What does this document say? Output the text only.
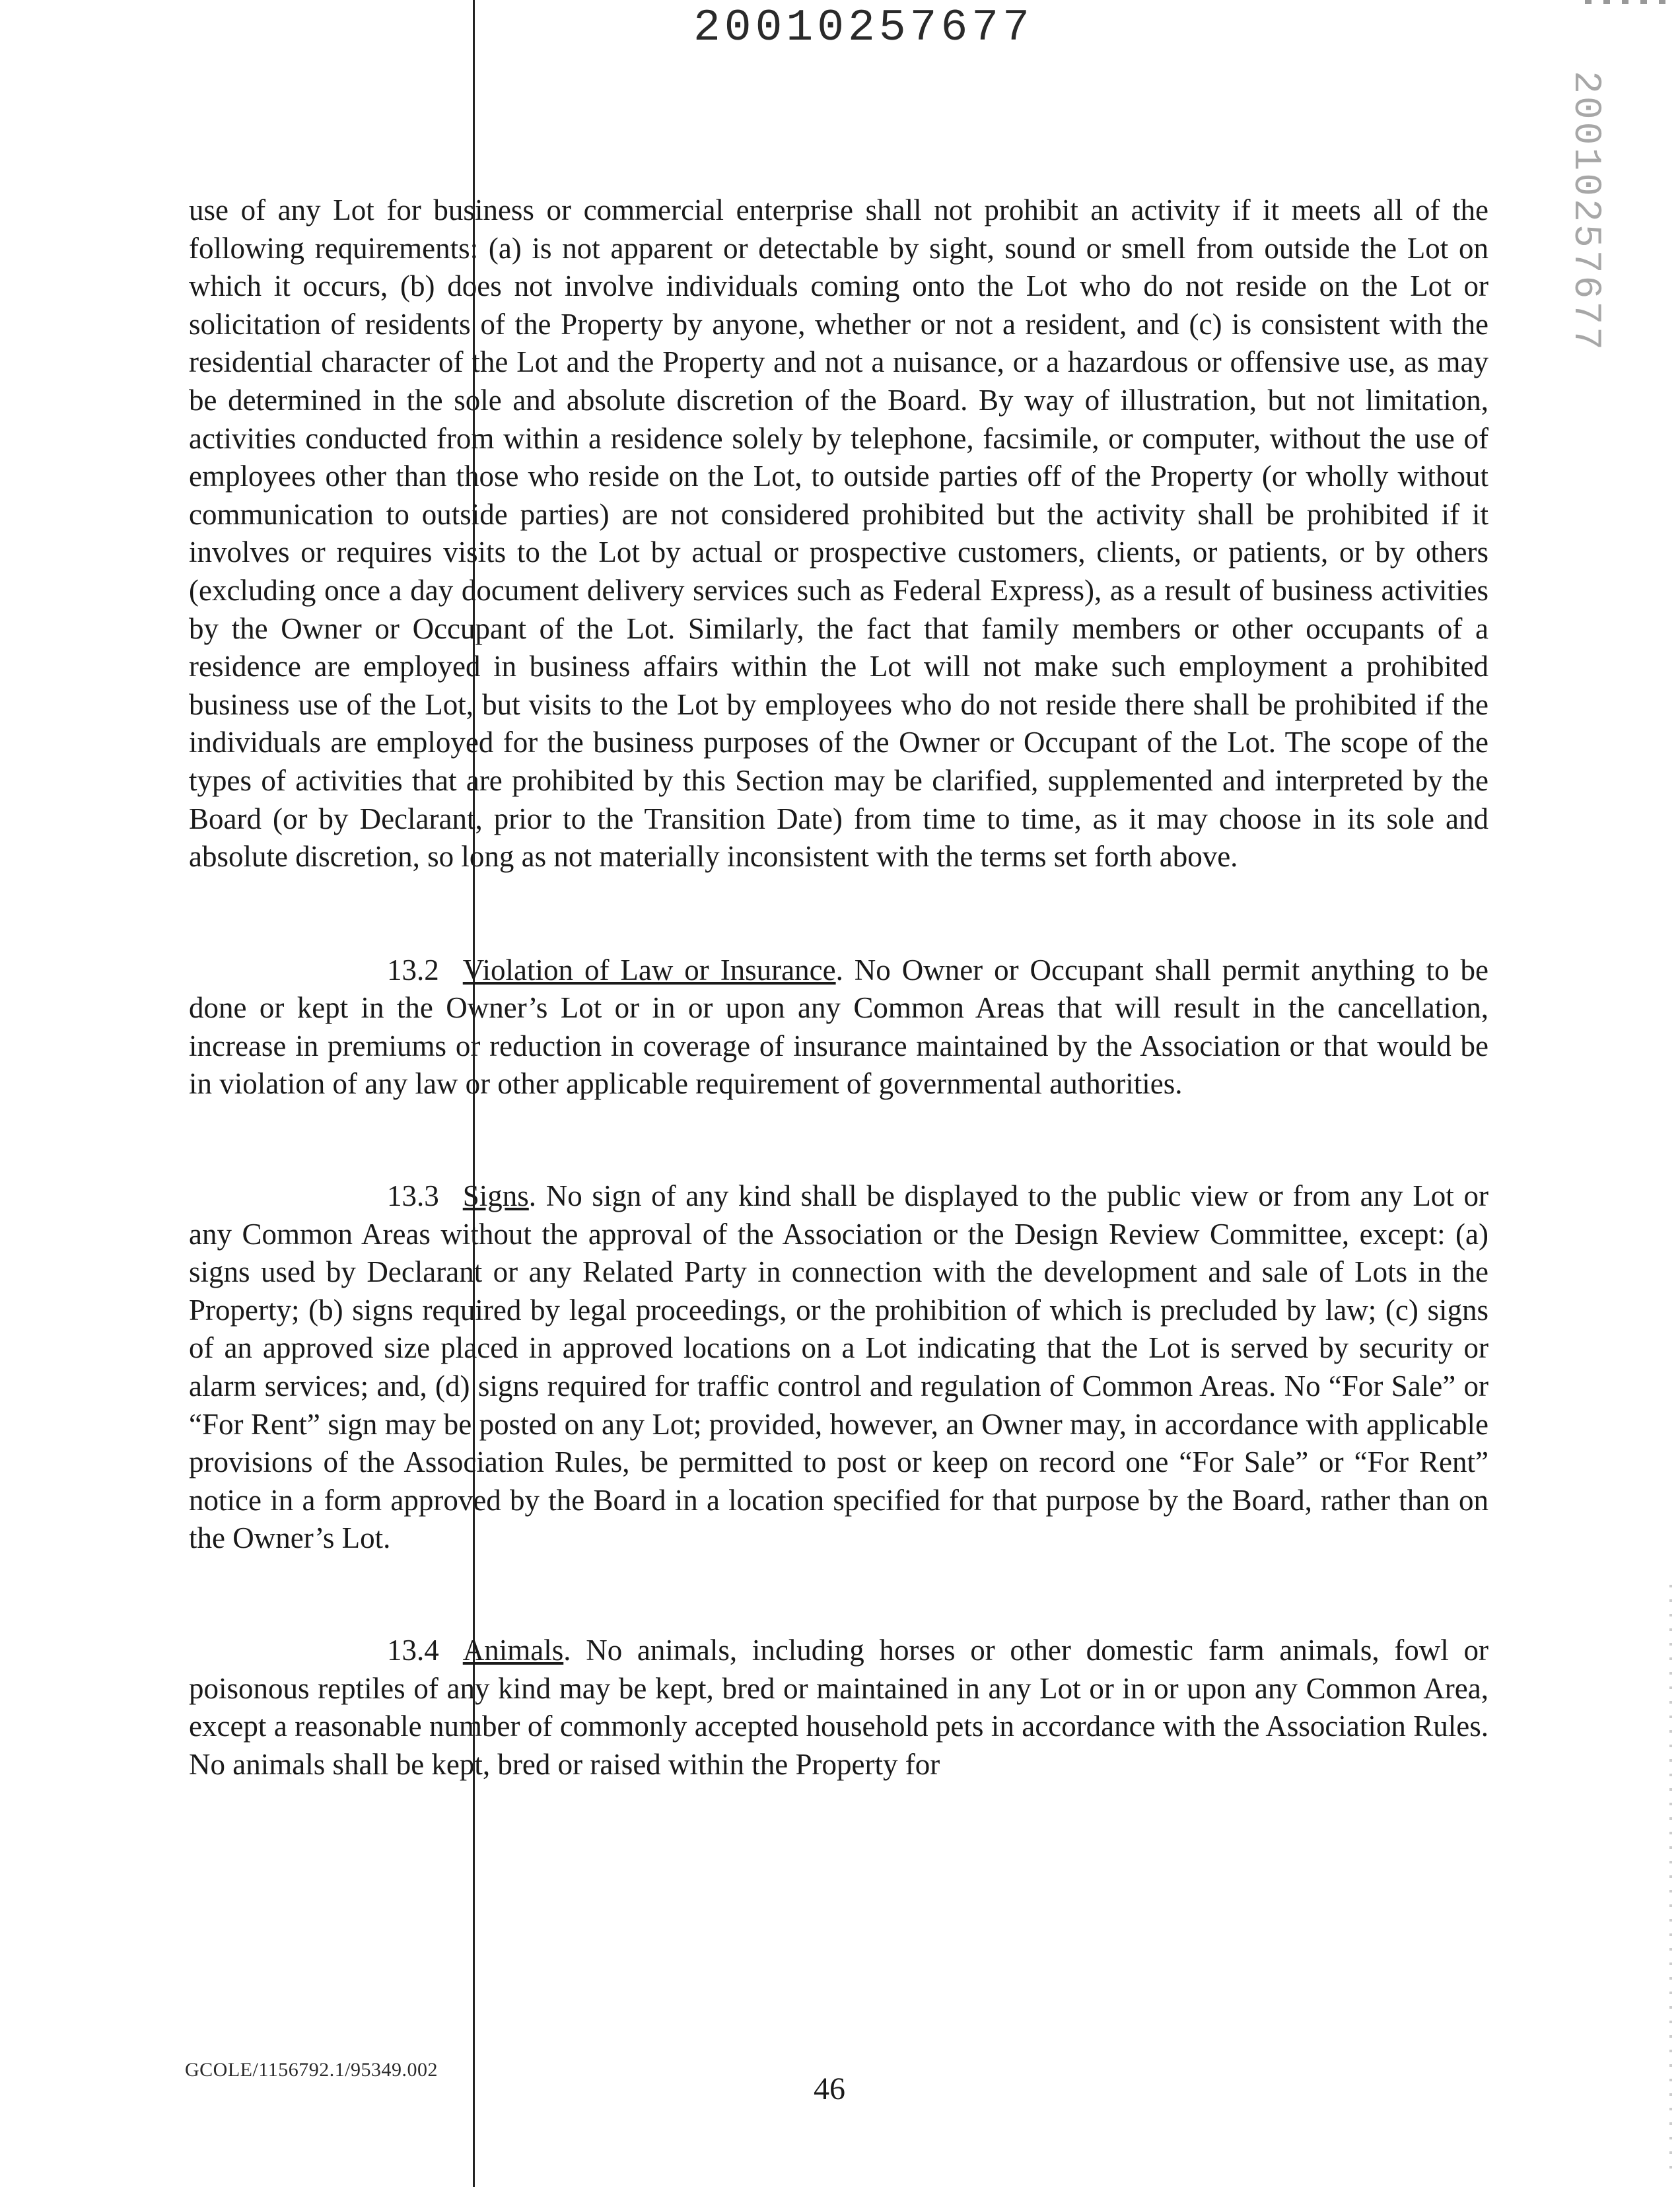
20010257677
20010257677

use of any Lot for business or commercial enterprise shall not prohibit an activity if it meets all of the following requirements: (a) is not apparent or detectable by sight, sound or smell from outside the Lot on which it occurs, (b) does not involve individuals coming onto the Lot who do not reside on the Lot or solicitation of residents of the Property by anyone, whether or not a resident, and (c) is consistent with the residential character of the Lot and the Property and not a nuisance, or a hazardous or offensive use, as may be determined in the sole and absolute discretion of the Board. By way of illustration, but not limitation, activities conducted from within a residence solely by telephone, facsimile, or computer, without the use of employees other than those who reside on the Lot, to outside parties off of the Property (or wholly without communication to outside parties) are not considered prohibited but the activity shall be prohibited if it involves or requires visits to the Lot by actual or prospective customers, clients, or patients, or by others (excluding once a day document delivery services such as Federal Express), as a result of business activities by the Owner or Occupant of the Lot. Similarly, the fact that family members or other occupants of a residence are employed in business affairs within the Lot will not make such employment a prohibited business use of the Lot, but visits to the Lot by employees who do not reside there shall be prohibited if the individuals are employed for the business purposes of the Owner or Occupant of the Lot. The scope of the types of activities that are prohibited by this Section may be clarified, supplemented and interpreted by the Board (or by Declarant, prior to the Transition Date) from time to time, as it may choose in its sole and absolute discretion, so long as not materially inconsistent with the terms set forth above.

13.2 Violation of Law or Insurance. No Owner or Occupant shall permit anything to be done or kept in the Owner’s Lot or in or upon any Common Areas that will result in the cancellation, increase in premiums or reduction in coverage of insurance maintained by the Association or that would be in violation of any law or other applicable requirement of governmental authorities.

13.3 Signs. No sign of any kind shall be displayed to the public view or from any Lot or any Common Areas without the approval of the Association or the Design Review Committee, except: (a) signs used by Declarant or any Related Party in connection with the development and sale of Lots in the Property; (b) signs required by legal proceedings, or the prohibition of which is precluded by law; (c) signs of an approved size placed in approved locations on a Lot indicating that the Lot is served by security or alarm services; and, (d) signs required for traffic control and regulation of Common Areas. No “For Sale” or “For Rent” sign may be posted on any Lot; provided, however, an Owner may, in accordance with applicable provisions of the Association Rules, be permitted to post or keep on record one “For Sale” or “For Rent” notice in a form approved by the Board in a location specified for that purpose by the Board, rather than on the Owner’s Lot.

13.4 Animals. No animals, including horses or other domestic farm animals, fowl or poisonous reptiles of any kind may be kept, bred or maintained in any Lot or in or upon any Common Area, except a reasonable number of commonly accepted household pets in accordance with the Association Rules. No animals shall be kept, bred or raised within the Property for

GCOLE/1156792.1/95349.002
46
